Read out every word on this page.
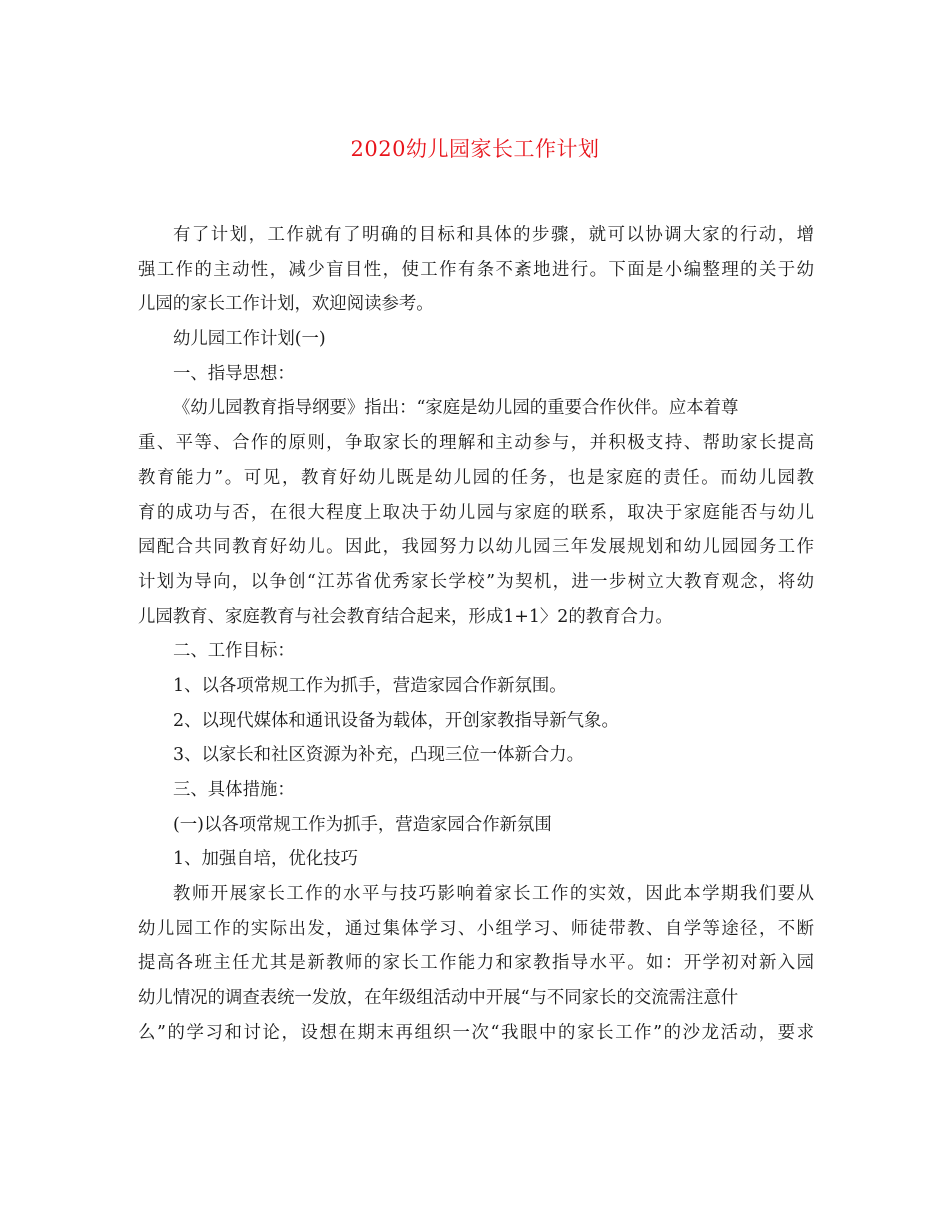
2020幼儿园家长工作计划
有了计划，工作就有了明确的目标和具体的步骤，就可以协调大家的行动，增
强工作的主动性，减少盲目性，使工作有条不紊地进行。下面是小编整理的关于幼
儿园的家长工作计划，欢迎阅读参考。
幼儿园工作计划(一)
一、指导思想：
《幼儿园教育指导纲要》指出：“家庭是幼儿园的重要合作伙伴。应本着尊
重、平等、合作的原则，争取家长的理解和主动参与，并积极支持、帮助家长提高
教育能力”。可见，教育好幼儿既是幼儿园的任务，也是家庭的责任。而幼儿园教
育的成功与否，在很大程度上取决于幼儿园与家庭的联系，取决于家庭能否与幼儿
园配合共同教育好幼儿。因此，我园努力以幼儿园三年发展规划和幼儿园园务工作
计划为导向，以争创“江苏省优秀家长学校”为契机，进一步树立大教育观念，将幼
儿园教育、家庭教育与社会教育结合起来，形成1+1〉2的教育合力。
二、工作目标：
1、以各项常规工作为抓手，营造家园合作新氛围。
2、以现代媒体和通讯设备为载体，开创家教指导新气象。
3、以家长和社区资源为补充，凸现三位一体新合力。
三、具体措施：
(一)以各项常规工作为抓手，营造家园合作新氛围
1、加强自培，优化技巧
教师开展家长工作的水平与技巧影响着家长工作的实效，因此本学期我们要从
幼儿园工作的实际出发，通过集体学习、小组学习、师徒带教、自学等途径，不断
提高各班主任尤其是新教师的家长工作能力和家教指导水平。如：开学初对新入园
幼儿情况的调查表统一发放，在年级组活动中开展“与不同家长的交流需注意什
么”的学习和讨论，设想在期末再组织一次“我眼中的家长工作”的沙龙活动，要求
